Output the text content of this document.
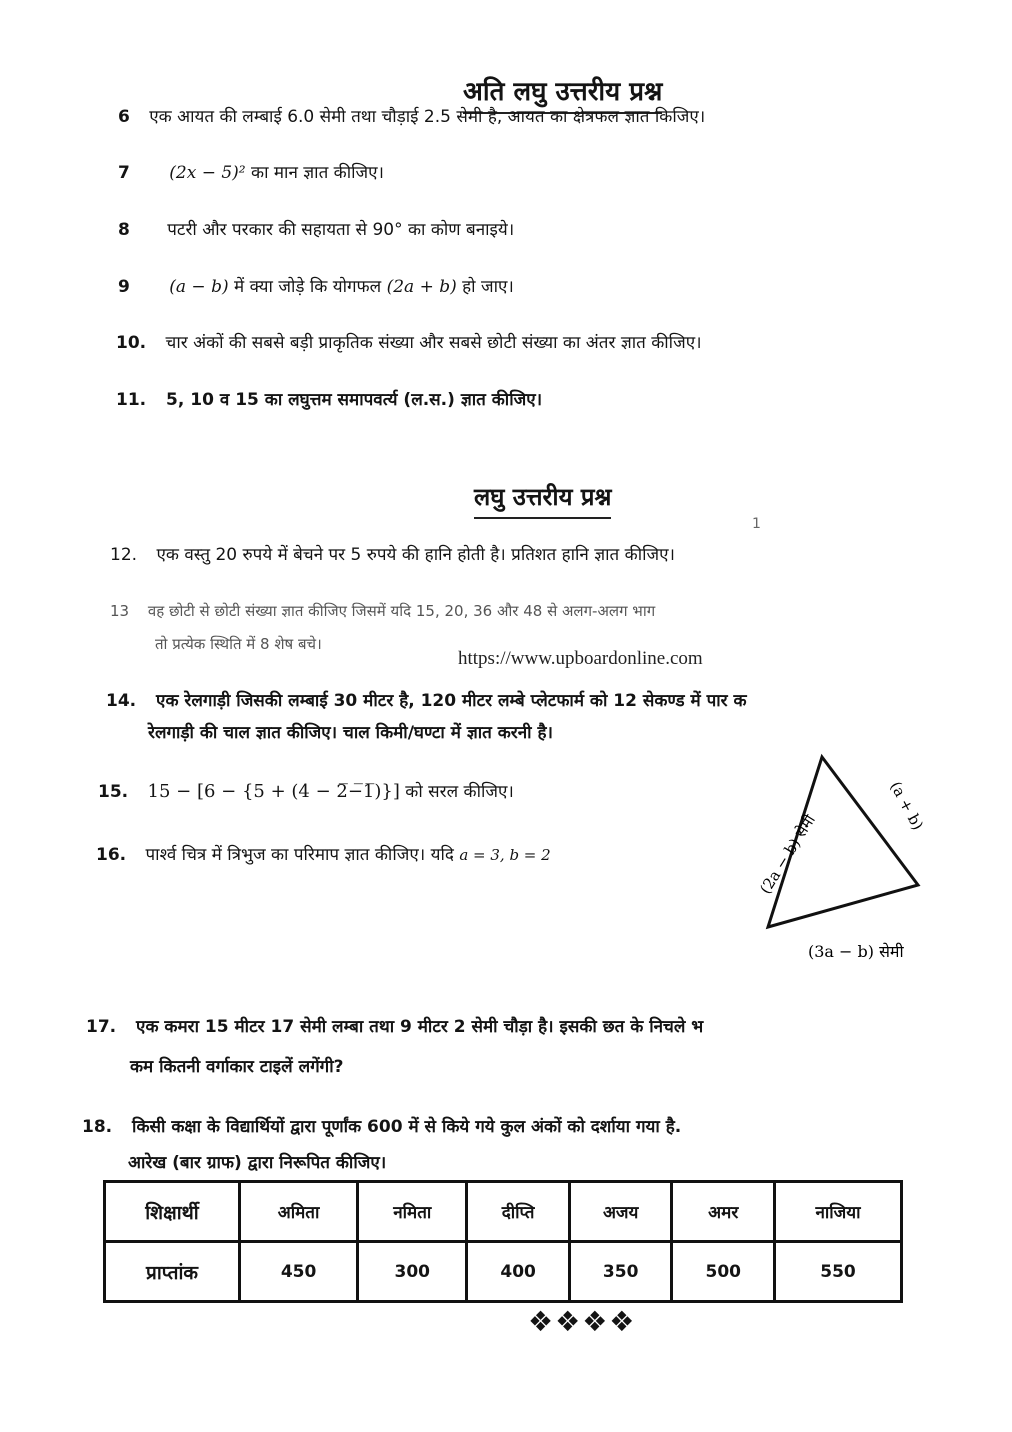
अति लघु उत्तरीय प्रश्न
6 एक आयत की लम्बाई 6.0 सेमी तथा चौड़ाई 2.5 सेमी है, आयत का क्षेत्रफल ज्ञात किजिए।
7 (2x − 5)² का मान ज्ञात कीजिए।
8 पटरी और परकार की सहायता से 90° का कोण बनाइये।
9 (a − b) में क्या जोड़े कि योगफल (2a + b) हो जाए।
10. चार अंकों की सबसे बड़ी प्राकृतिक संख्या और सबसे छोटी संख्या का अंतर ज्ञात कीजिए।
11. 5, 10 व 15 का लघुत्तम समापवर्त्य (ल.स.) ज्ञात कीजिए।
लघु उत्तरीय प्रश्न
1
12. एक वस्तु 20 रुपये में बेचने पर 5 रुपये की हानि होती है। प्रतिशत हानि ज्ञात कीजिए।
13 वह छोटी से छोटी संख्या ज्ञात कीजिए जिसमें यदि 15, 20, 36 और 48 से अलग-अलग भाग
तो प्रत्येक स्थिति में 8 शेष बचे।
https://www.upboardonline.com
14. एक रेलगाड़ी जिसकी लम्बाई 30 मीटर है, 120 मीटर लम्बे प्लेटफार्म को 12 सेकण्ड में पार क
रेलगाड़ी की चाल ज्ञात कीजिए। चाल किमी/घण्टा में ज्ञात करनी है।
15. 15 − [6 − {5 + (4 − 2̅−̅1̅)}] को सरल कीजिए।
16. पार्श्व चित्र में त्रिभुज का परिमाप ज्ञात कीजिए। यदि a = 3, b = 2	(2a − b) सेमी
(a + b)
(3a − b) सेमी
17. एक कमरा 15 मीटर 17 सेमी लम्बा तथा 9 मीटर 2 सेमी चौड़ा है। इसकी छत के निचले भ
कम कितनी वर्गाकार टाइलें लगेंगी?
18. किसी कक्षा के विद्यार्थियों द्वारा पूर्णांक 600 में से किये गये कुल अंकों को दर्शाया गया है.
आरेख (बार ग्राफ) द्वारा निरूपित कीजिए।
शिक्षार्थी	अमिता	नमिता	दीप्ति	अजय	अमर	नाजिया
प्राप्तांक	450	300	400	350	500	550
❖❖❖❖
